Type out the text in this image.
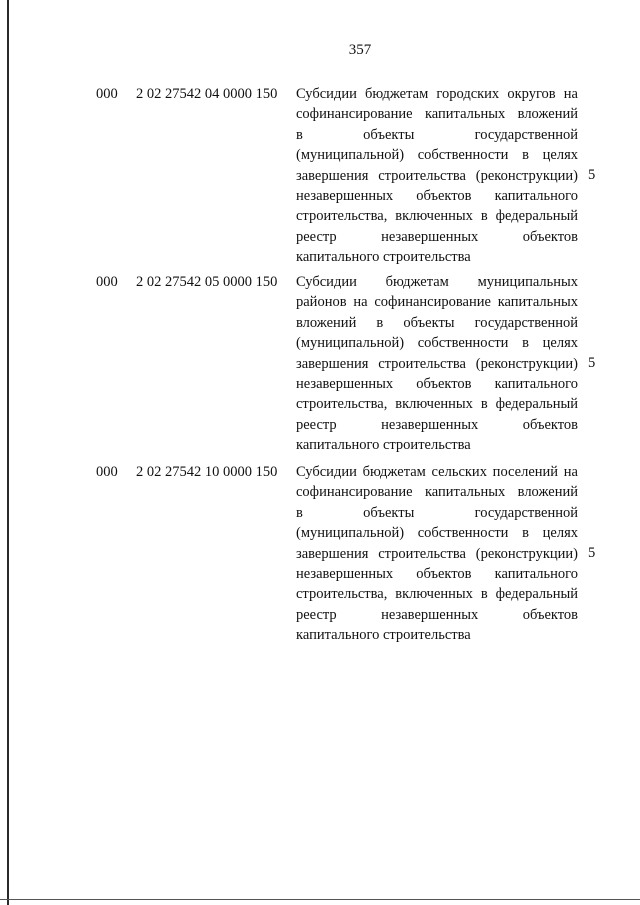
357
000 2 02 27542 04 0000 150 Субсидии бюджетам городских округов на
софинансирование капитальных вложений
в объекты государственной
(муниципальной) собственности в целях
завершения строительства (реконструкции)
незавершенных объектов капитального
строительства, включенных в федеральный
реестр незавершенных объектов
капитального строительства
5
000 2 02 27542 05 0000 150 Субсидии бюджетам муниципальных
районов на софинансирование капитальных
вложений в объекты государственной
(муниципальной) собственности в целях
завершения строительства (реконструкции)
незавершенных объектов капитального
строительства, включенных в федеральный
реестр незавершенных объектов
капитального строительства
5
000 2 02 27542 10 0000 150 Субсидии бюджетам сельских поселений на
софинансирование капитальных вложений
в объекты государственной
(муниципальной) собственности в целях
завершения строительства (реконструкции)
незавершенных объектов капитального
строительства, включенных в федеральный
реестр незавершенных объектов
капитального строительства
5
